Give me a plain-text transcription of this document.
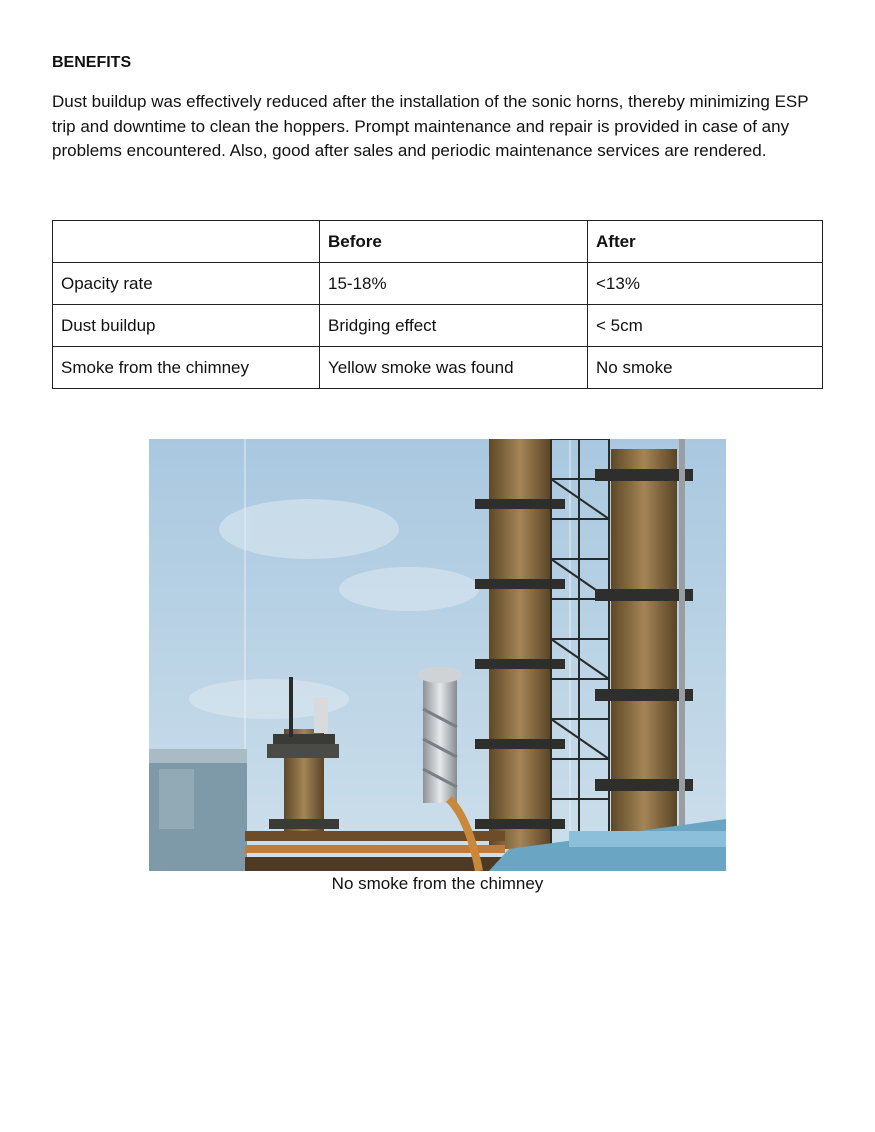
BENEFITS
Dust buildup was effectively reduced after the installation of the sonic horns, thereby minimizing ESP trip and downtime to clean the hoppers. Prompt maintenance and repair is provided in case of any problems encountered. Also, good after sales and periodic maintenance services are rendered.
	Before	After
Opacity rate	15-18%	<13%
Dust buildup	Bridging effect	< 5cm
Smoke from the chimney	Yellow smoke was found	No smoke
No smoke from the chimney
